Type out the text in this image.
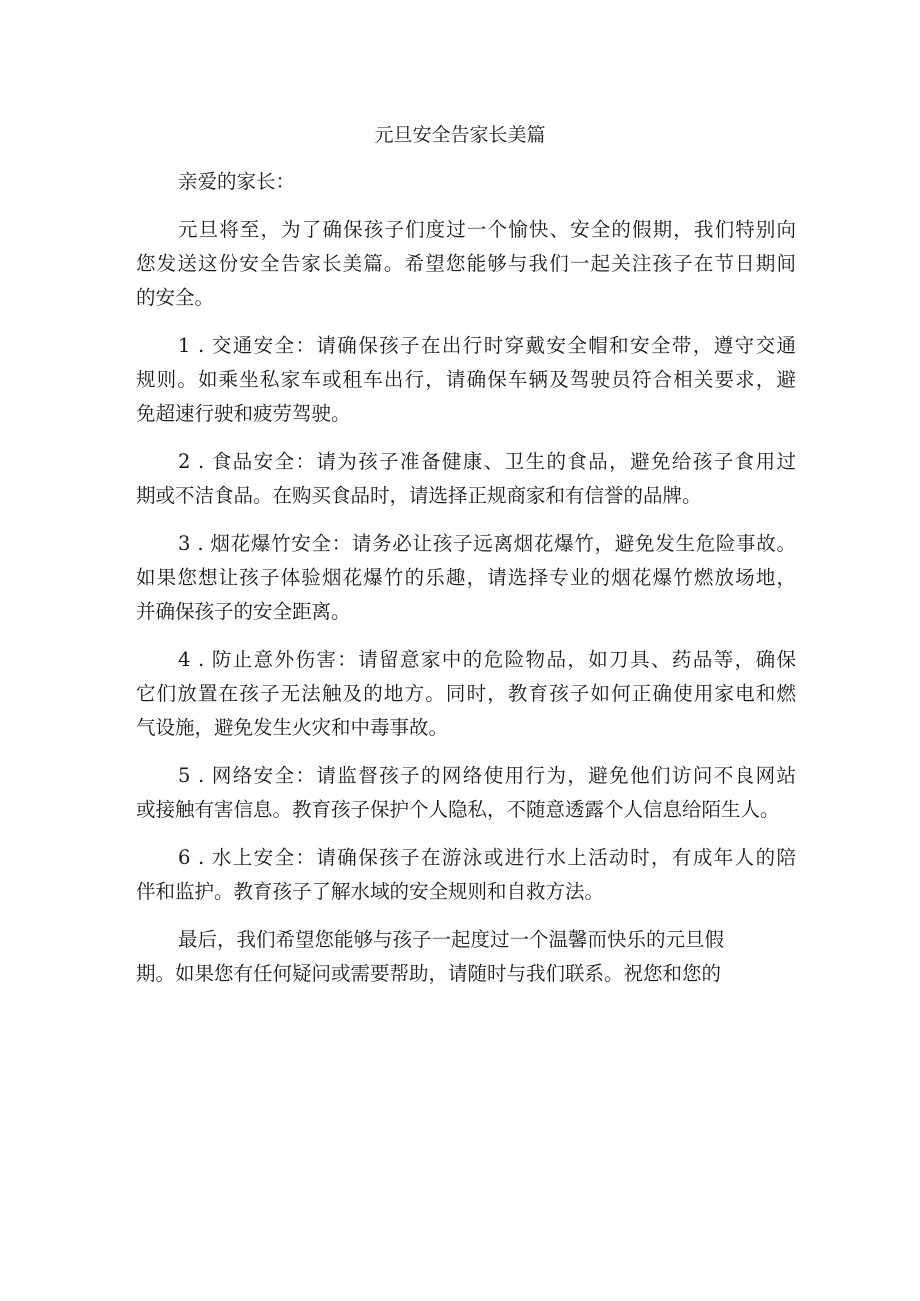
元旦安全告家长美篇
亲爱的家长：
元旦将至，为了确保孩子们度过一个愉快、安全的假期，我们特别向
您发送这份安全告家长美篇。希望您能够与我们一起关注孩子在节日期间
的安全。
1 . 交通安全：请确保孩子在出行时穿戴安全帽和安全带，遵守交通
规则。如乘坐私家车或租车出行，请确保车辆及驾驶员符合相关要求，避
免超速行驶和疲劳驾驶。
2 . 食品安全：请为孩子准备健康、卫生的食品，避免给孩子食用过
期或不洁食品。在购买食品时，请选择正规商家和有信誉的品牌。
3 . 烟花爆竹安全：请务必让孩子远离烟花爆竹，避免发生危险事故。
如果您想让孩子体验烟花爆竹的乐趣，请选择专业的烟花爆竹燃放场地，
并确保孩子的安全距离。
4 . 防止意外伤害：请留意家中的危险物品，如刀具、药品等，确保
它们放置在孩子无法触及的地方。同时，教育孩子如何正确使用家电和燃
气设施，避免发生火灾和中毒事故。
5 . 网络安全：请监督孩子的网络使用行为，避免他们访问不良网站
或接触有害信息。教育孩子保护个人隐私，不随意透露个人信息给陌生人。
6 . 水上安全：请确保孩子在游泳或进行水上活动时，有成年人的陪
伴和监护。教育孩子了解水域的安全规则和自救方法。
最后，我们希望您能够与孩子一起度过一个温馨而快乐的元旦假
期。如果您有任何疑问或需要帮助，请随时与我们联系。祝您和您的
